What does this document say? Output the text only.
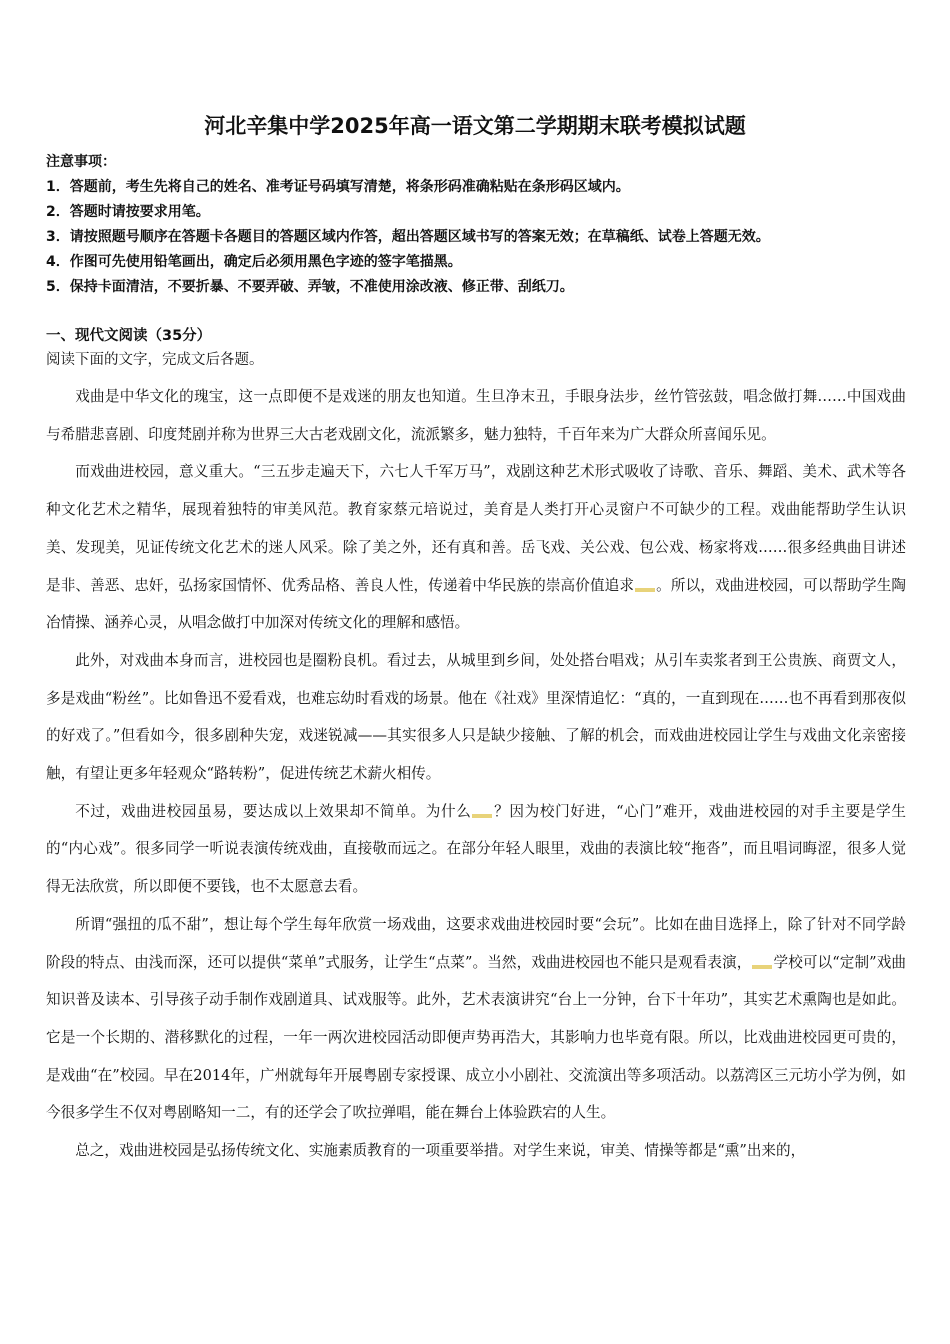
河北辛集中学2025年高一语文第二学期期末联考模拟试题
注意事项：
1．答题前，考生先将自己的姓名、准考证号码填写清楚，将条形码准确粘贴在条形码区域内。
2．答题时请按要求用笔。
3．请按照题号顺序在答题卡各题目的答题区域内作答，超出答题区域书写的答案无效；在草稿纸、试卷上答题无效。
4．作图可先使用铅笔画出，确定后必须用黑色字迹的签字笔描黑。
5．保持卡面清洁，不要折暴、不要弄破、弄皱，不准使用涂改液、修正带、刮纸刀。
一、现代文阅读（35分）
阅读下面的文字，完成文后各题。

戏曲是中华文化的瑰宝，这一点即便不是戏迷的朋友也知道。生旦净末丑，手眼身法步，丝竹管弦鼓，唱念做打舞……中国戏曲与希腊悲喜剧、印度梵剧并称为世界三大古老戏剧文化，流派繁多，魅力独特，千百年来为广大群众所喜闻乐见。

而戏曲进校园，意义重大。“三五步走遍天下，六七人千军万马”，戏剧这种艺术形式吸收了诗歌、音乐、舞蹈、美术、武术等各种文化艺术之精华，展现着独特的审美风范。教育家蔡元培说过，美育是人类打开心灵窗户不可缺少的工程。戏曲能帮助学生认识美、发现美，见证传统文化艺术的迷人风采。除了美之外，还有真和善。岳飞戏、关公戏、包公戏、杨家将戏……很多经典曲目讲述是非、善恶、忠奸，弘扬家国情怀、优秀品格、善良人性，传递着中华民族的崇高价值追求 。所以，戏曲进校园，可以帮助学生陶冶情操、涵养心灵，从唱念做打中加深对传统文化的理解和感悟。

此外，对戏曲本身而言，进校园也是圈粉良机。看过去，从城里到乡间，处处搭台唱戏；从引车卖浆者到王公贵族、商贾文人，多是戏曲“粉丝”。比如鲁迅不爱看戏，也难忘幼时看戏的场景。他在《社戏》里深情追忆：“真的，一直到现在……也不再看到那夜似的好戏了。”但看如今，很多剧种失宠，戏迷锐减——其实很多人只是缺少接触、了解的机会，而戏曲进校园让学生与戏曲文化亲密接触，有望让更多年轻观众“路转粉”，促进传统艺术薪火相传。

不过，戏曲进校园虽易，要达成以上效果却不简单。为什么 ？因为校门好进，“心门”难开，戏曲进校园的对手主要是学生的“内心戏”。很多同学一听说表演传统戏曲，直接敬而远之。在部分年轻人眼里，戏曲的表演比较“拖沓”，而且唱词晦涩，很多人觉得无法欣赏，所以即便不要钱，也不太愿意去看。

所谓“强扭的瓜不甜”，想让每个学生每年欣赏一场戏曲，这要求戏曲进校园时要“会玩”。比如在曲目选择上，除了针对不同学龄阶段的特点、由浅而深，还可以提供“菜单”式服务，让学生“点菜”。当然，戏曲进校园也不能只是观看表演， 学校可以“定制”戏曲知识普及读本、引导孩子动手制作戏剧道具、试戏服等。此外，艺术表演讲究“台上一分钟，台下十年功”，其实艺术熏陶也是如此。它是一个长期的、潜移默化的过程，一年一两次进校园活动即便声势再浩大，其影响力也毕竟有限。所以，比戏曲进校园更可贵的，是戏曲“在”校园。早在2014年，广州就每年开展粤剧专家授课、成立小小剧社、交流演出等多项活动。以荔湾区三元坊小学为例，如今很多学生不仅对粤剧略知一二，有的还学会了吹拉弹唱，能在舞台上体验跌宕的人生。

总之，戏曲进校园是弘扬传统文化、实施素质教育的一项重要举措。对学生来说，审美、情操等都是“熏”出来的，
